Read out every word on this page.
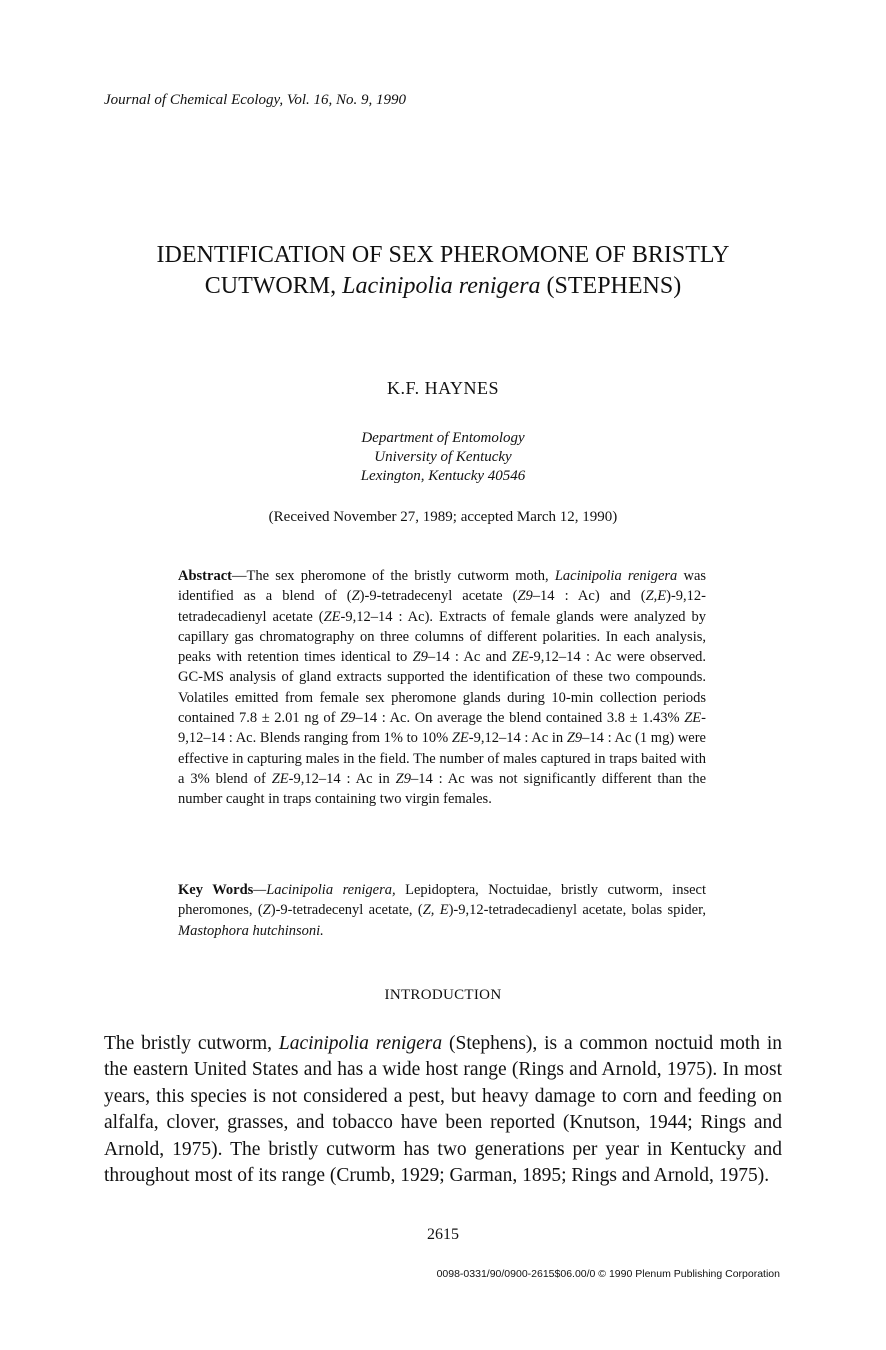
Journal of Chemical Ecology, Vol. 16, No. 9, 1990
IDENTIFICATION OF SEX PHEROMONE OF BRISTLY
CUTWORM, Lacinipolia renigera (STEPHENS)
K.F. HAYNES
Department of Entomology
University of Kentucky
Lexington, Kentucky 40546
(Received November 27, 1989; accepted March 12, 1990)

Abstract—The sex pheromone of the bristly cutworm moth, Lacinipolia renigera was identified as a blend of (Z)-9-tetradecenyl acetate (Z9–14 : Ac) and (Z,E)-9,12-tetradecadienyl acetate (ZE-9,12–14 : Ac). Extracts of female glands were analyzed by capillary gas chromatography on three columns of different polarities. In each analysis, peaks with retention times identical to Z9–14 : Ac and ZE-9,12–14 : Ac were observed. GC-MS analysis of gland extracts supported the identification of these two compounds. Volatiles emitted from female sex pheromone glands during 10-min collection periods contained 7.8 ± 2.01 ng of Z9–14 : Ac. On average the blend contained 3.8 ± 1.43% ZE-9,12–14 : Ac. Blends ranging from 1% to 10% ZE-9,12–14 : Ac in Z9–14 : Ac (1 mg) were effective in capturing males in the field. The number of males captured in traps baited with a 3% blend of ZE-9,12–14 : Ac in Z9–14 : Ac was not significantly different than the number caught in traps containing two virgin females.

Key Words—Lacinipolia renigera, Lepidoptera, Noctuidae, bristly cutworm, insect pheromones, (Z)-9-tetradecenyl acetate, (Z, E)-9,12-tetradecadienyl acetate, bolas spider, Mastophora hutchinsoni.

INTRODUCTION

The bristly cutworm, Lacinipolia renigera (Stephens), is a common noctuid moth in the eastern United States and has a wide host range (Rings and Arnold, 1975). In most years, this species is not considered a pest, but heavy damage to corn and feeding on alfalfa, clover, grasses, and tobacco have been reported (Knutson, 1944; Rings and Arnold, 1975). The bristly cutworm has two generations per year in Kentucky and throughout most of its range (Crumb, 1929; Garman, 1895; Rings and Arnold, 1975).

2615
0098-0331/90/0900-2615$06.00/0 © 1990 Plenum Publishing Corporation
